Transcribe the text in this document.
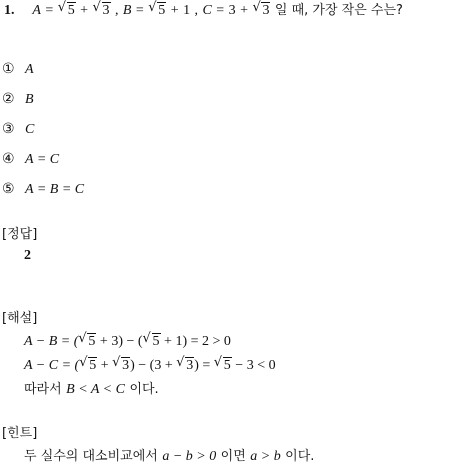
1. A = √ 5 + √ 3 , B = √ 5 + 1 , C = 3 + √ 3 일 때, 가장 작은 수는?
① A
② B
③ C
④ A = C
⑤ A = B = C
[정답]
2
[해설]
A − B = ( √ 5 + 3) − ( √ 5 + 1) = 2 > 0
A − C = ( √ 5 + √ 3) − (3 + √ 3) = √ 5 − 3 < 0
따라서 B < A < C 이다.
[힌트]
두 실수의 대소비교에서 a − b > 0 이면 a > b 이다.
